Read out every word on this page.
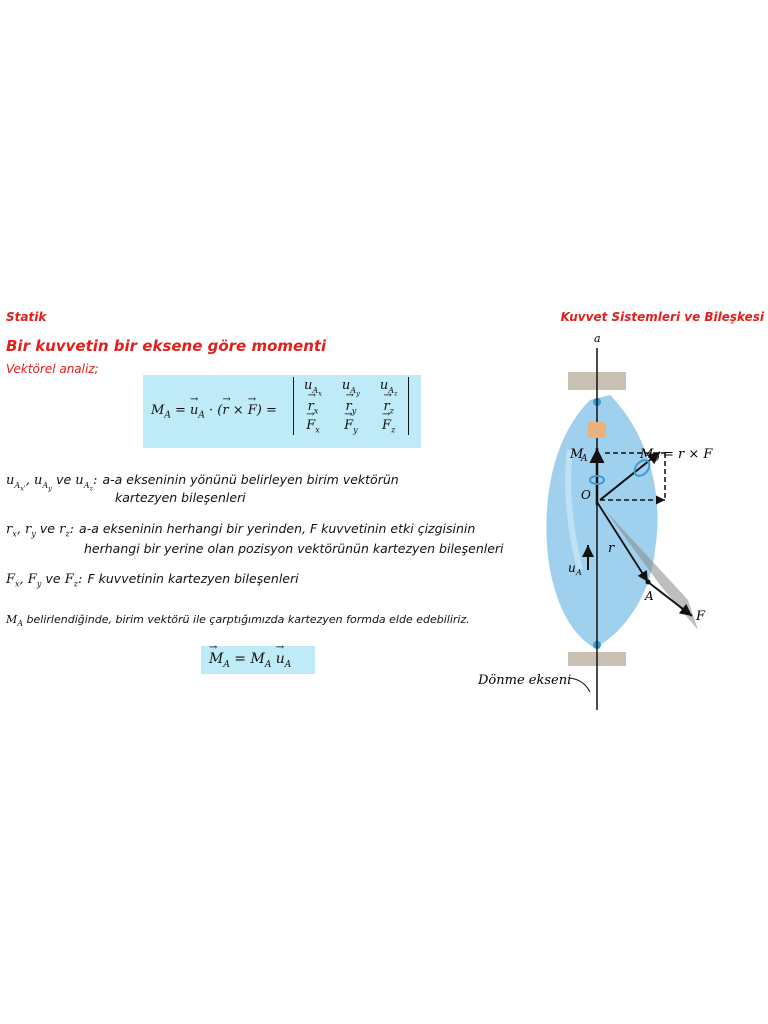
Statik	Kuvvet Sistemleri ve Bileşkesi
Bir kuvvetin bir eksene göre momenti
Vektörel analiz;
$M_A$ = → $u_A$ · (→ r × → F) =
$u_{A_x}$	$u_{A_y}$	$u_{A_z}$
→ $r_x$	→ $r_y$	→ $r_z$
→ $F_x$	→ $F_y$	→ $F_z$
$u_{A_{x'}}$, $u_{A_y}$ ve $u_{A_z}$: a-a ekseninin yönünü belirleyen birim vektörün
kartezyen bileşenleri
$r_x$, $r_y$ ve $r_z$: a-a ekseninin herhangi bir yerinden, F kuvvetinin etki çizgisinin
herhangi bir yerine olan pozisyon vektörünün kartezyen bileşenleri
$F_x$, $F_y$ ve $F_z$: F kuvvetinin kartezyen bileşenleri
$M_A$ belirlendiğinde, birim vektörü ile çarptığımızda kartezyen formda elde edebiliriz.
→ $M_A = M_A \to u_A$
a
M
A	M
O = r × F
O
r
u A
A
F
Dönme ekseni
